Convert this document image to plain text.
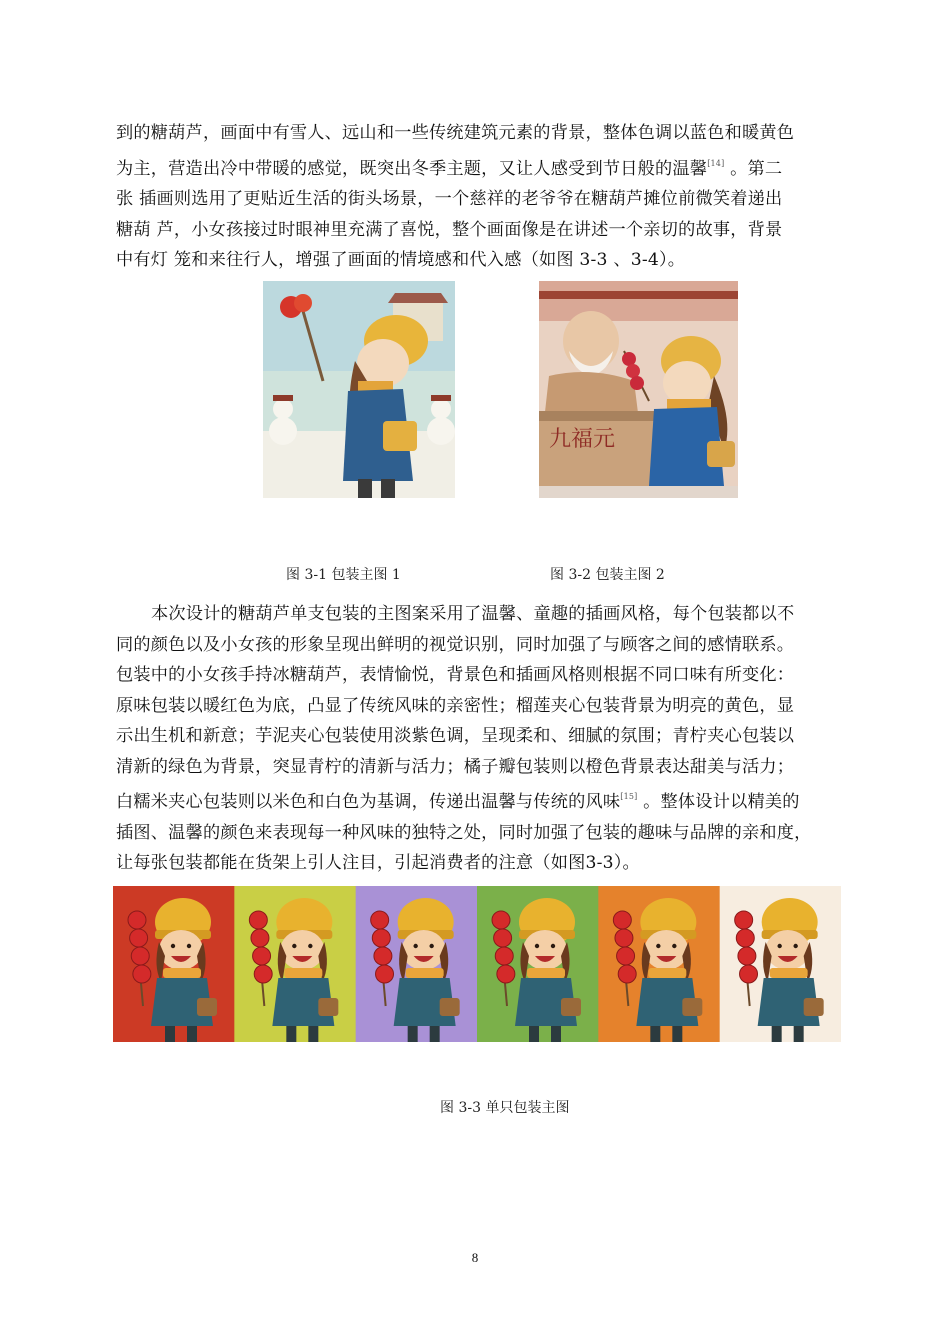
到的糖葫芦，画面中有雪人、远山和一些传统建筑元素的背景，整体色调以蓝色和暖黄色
为主，营造出冷中带暖的感觉，既突出冬季主题，又让人感受到节日般的温馨[14] 。第二
张 插画则选用了更贴近生活的街头场景，一个慈祥的老爷爷在糖葫芦摊位前微笑着递出
糖葫 芦，小女孩接过时眼神里充满了喜悦，整个画面像是在讲述一个亲切的故事，背景
中有灯 笼和来往行人，增强了画面的情境感和代入感（如图 3-3 、3-4）。

九福元
图 3-1 包装主图 1	图 3-2 包装主图 2

本次设计的糖葫芦单支包装的主图案采用了温馨、童趣的插画风格，每个包装都以不
同的颜色以及小女孩的形象呈现出鲜明的视觉识别，同时加强了与顾客之间的感情联系。
包装中的小女孩手持冰糖葫芦，表情愉悦，背景色和插画风格则根据不同口味有所变化：
原味包装以暖红色为底，凸显了传统风味的亲密性；榴莲夹心包装背景为明亮的黄色，显
示出生机和新意；芋泥夹心包装使用淡紫色调，呈现柔和、细腻的氛围；青柠夹心包装以
清新的绿色为背景，突显青柠的清新与活力；橘子瓣包装则以橙色背景表达甜美与活力；
白糯米夹心包装则以米色和白色为基调，传递出温馨与传统的风味[15] 。整体设计以精美的
插图、温馨的颜色来表现每一种风味的独特之处，同时加强了包装的趣味与品牌的亲和度，
让每张包装都能在货架上引人注目，引起消费者的注意（如图3-3）。

图 3-3 单只包装主图
8
